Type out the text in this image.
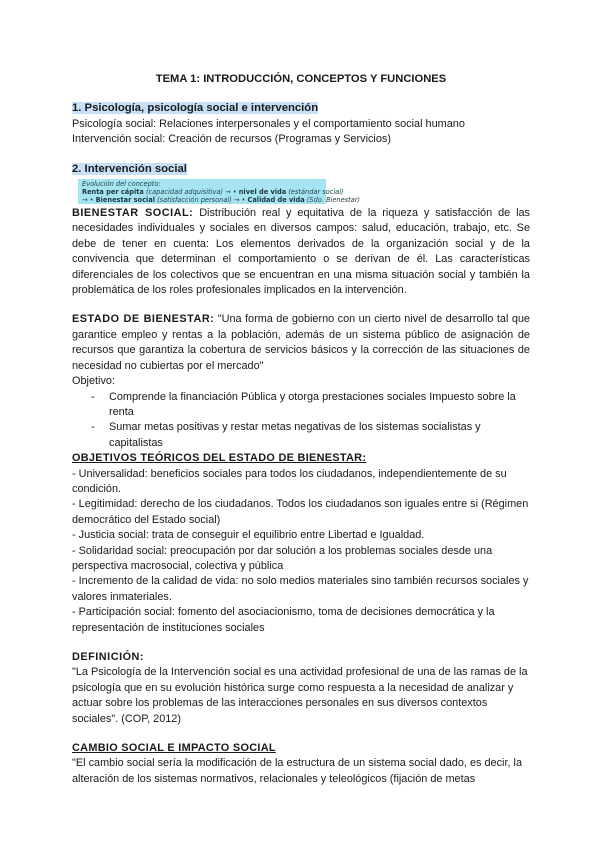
TEMA 1: INTRODUCCIÓN, CONCEPTOS Y FUNCIONES

1. Psicología, psicología social e intervención

Psicología social: Relaciones interpersonales y el comportamiento social humano

Intervención social: Creación de recursos (Programas y Servicios)

2. Intervención social

Evolución del concepto:
Renta per cápita (capacidad adquisitiva) → • nivel de vida (estándar social)
→ • Bienestar social (satisfacción personal) → • Calidad de vida (Sdo. Bienestar)

BIENESTAR SOCIAL: Distribución real y equitativa de la riqueza y satisfacción de las necesidades individuales y sociales en diversos campos: salud, educación, trabajo, etc. Se debe de tener en cuenta: Los elementos derivados de la organización social y de la convivencia que determinan el comportamiento o se derivan de él. Las características diferenciales de los colectivos que se encuentran en una misma situación social y también la problemática de los roles profesionales implicados en la intervención.

ESTADO DE BIENESTAR: "Una forma de gobierno con un cierto nivel de desarrollo tal que garantice empleo y rentas a la población, además de un sistema público de asignación de recursos que garantiza la cobertura de servicios básicos y la corrección de las situaciones de necesidad no cubiertas por el mercado"

Objetivo:

- Comprende la financiación Pública y otorga prestaciones sociales Impuesto sobre la renta
- Sumar metas positivas y restar metas negativas de los sistemas socialistas y capitalistas

OBJETIVOS TEÓRICOS DEL ESTADO DE BIENESTAR:

- Universalidad: beneficios sociales para todos los ciudadanos, independientemente de su condición.

- Legitimidad: derecho de los ciudadanos. Todos los ciudadanos son iguales entre si (Régimen democrático del Estado social)

- Justicia social: trata de conseguir el equilibrio entre Libertad e Igualdad.

- Solidaridad social: preocupación por dar solución a los problemas sociales desde una perspectiva macrosocial, colectiva y pública

- Incremento de la calidad de vida: no solo medios materiales sino también recursos sociales y valores inmateriales.

- Participación social: fomento del asociacionismo, toma de decisiones democrática y la representación de instituciones sociales

DEFINICIÓN:

"La Psicología de la Intervención social es una actividad profesional de una de las ramas de la psicología que en su evolución histórica surge como respuesta a la necesidad de analizar y actuar sobre los problemas de las interacciones personales en sus diversos contextos sociales". (COP, 2012)

CAMBIO SOCIAL E IMPACTO SOCIAL

"El cambio social sería la modificación de la estructura de un sistema social dado, es decir, la alteración de los sistemas normativos, relacionales y teleológicos (fijación de metas
